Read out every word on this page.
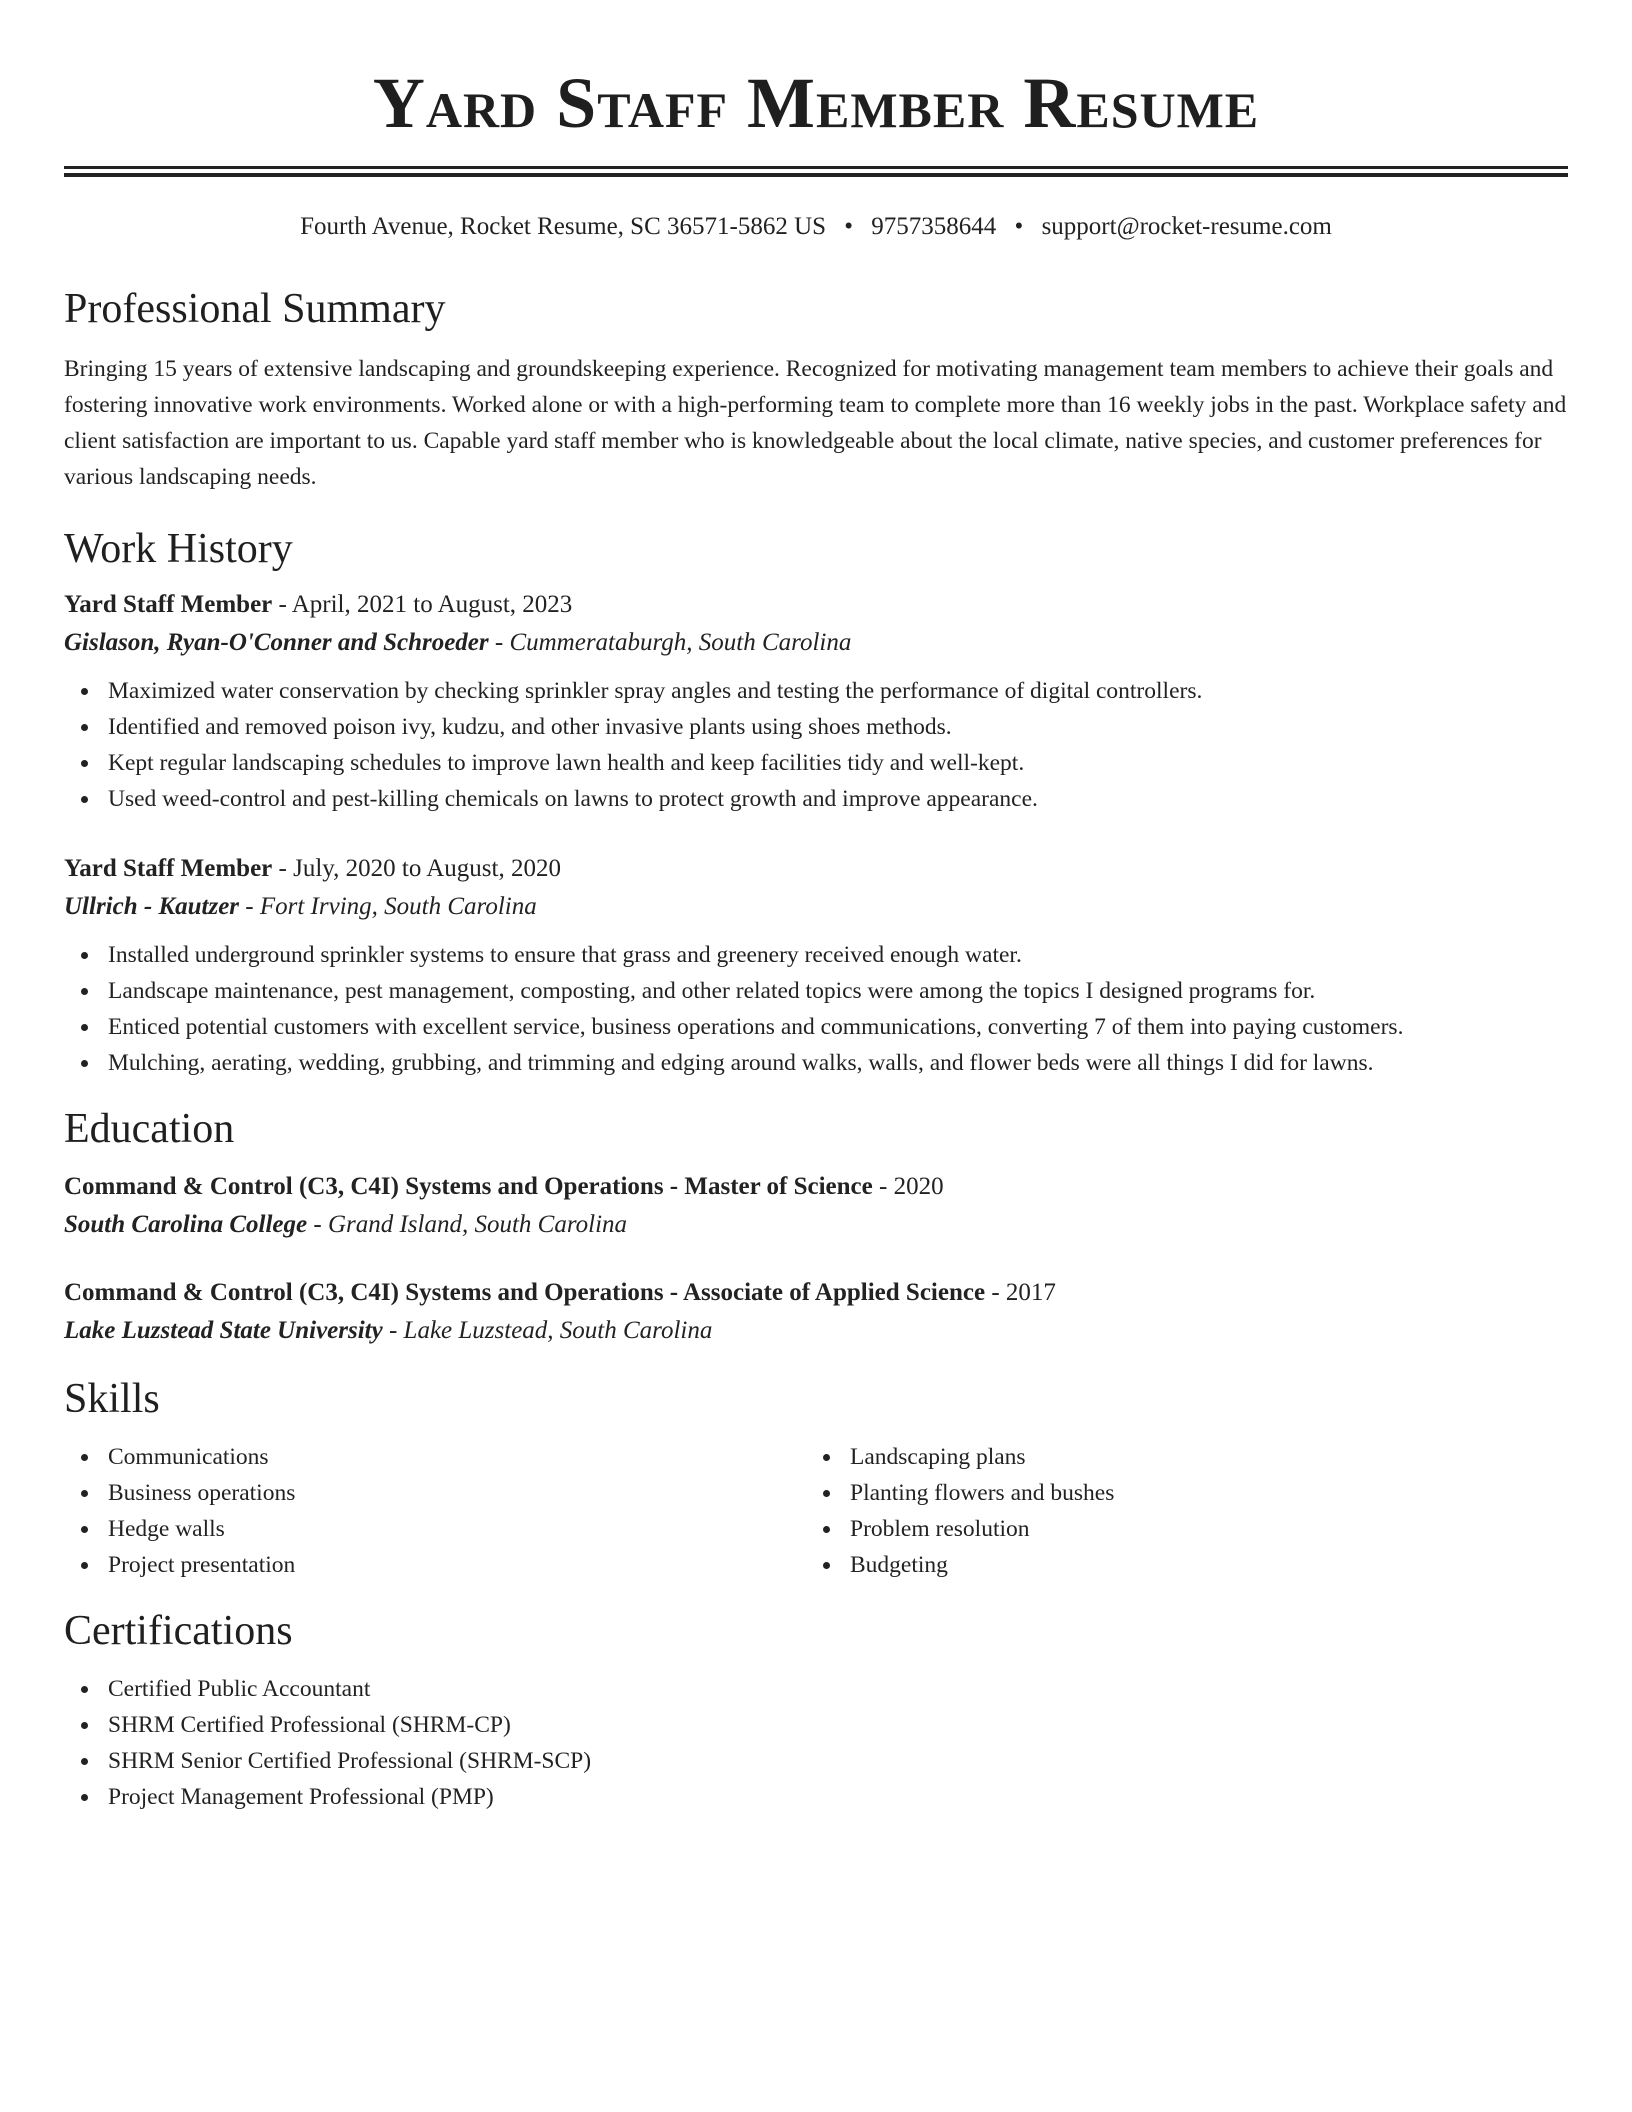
Yard Staff Member Resume
Fourth Avenue, Rocket Resume, SC 36571-5862 US • 9757358644 • support@rocket-resume.com
Professional Summary
Bringing 15 years of extensive landscaping and groundskeeping experience. Recognized for motivating management team members to achieve their goals and fostering innovative work environments. Worked alone or with a high-performing team to complete more than 16 weekly jobs in the past. Workplace safety and client satisfaction are important to us. Capable yard staff member who is knowledgeable about the local climate, native species, and customer preferences for various landscaping needs.
Work History
Yard Staff Member - April, 2021 to August, 2023
Gislason, Ryan-O'Conner and Schroeder - Cummerataburgh, South Carolina
Maximized water conservation by checking sprinkler spray angles and testing the performance of digital controllers.
Identified and removed poison ivy, kudzu, and other invasive plants using shoes methods.
Kept regular landscaping schedules to improve lawn health and keep facilities tidy and well-kept.
Used weed-control and pest-killing chemicals on lawns to protect growth and improve appearance.
Yard Staff Member - July, 2020 to August, 2020
Ullrich - Kautzer - Fort Irving, South Carolina
Installed underground sprinkler systems to ensure that grass and greenery received enough water.
Landscape maintenance, pest management, composting, and other related topics were among the topics I designed programs for.
Enticed potential customers with excellent service, business operations and communications, converting 7 of them into paying customers.
Mulching, aerating, wedding, grubbing, and trimming and edging around walks, walls, and flower beds were all things I did for lawns.
Education
Command & Control (C3, C4I) Systems and Operations - Master of Science - 2020
South Carolina College - Grand Island, South Carolina
Command & Control (C3, C4I) Systems and Operations - Associate of Applied Science - 2017
Lake Luzstead State University - Lake Luzstead, South Carolina
Skills
Communications
Business operations
Hedge walls
Project presentation
Landscaping plans
Planting flowers and bushes
Problem resolution
Budgeting
Certifications
Certified Public Accountant
SHRM Certified Professional (SHRM-CP)
SHRM Senior Certified Professional (SHRM-SCP)
Project Management Professional (PMP)
